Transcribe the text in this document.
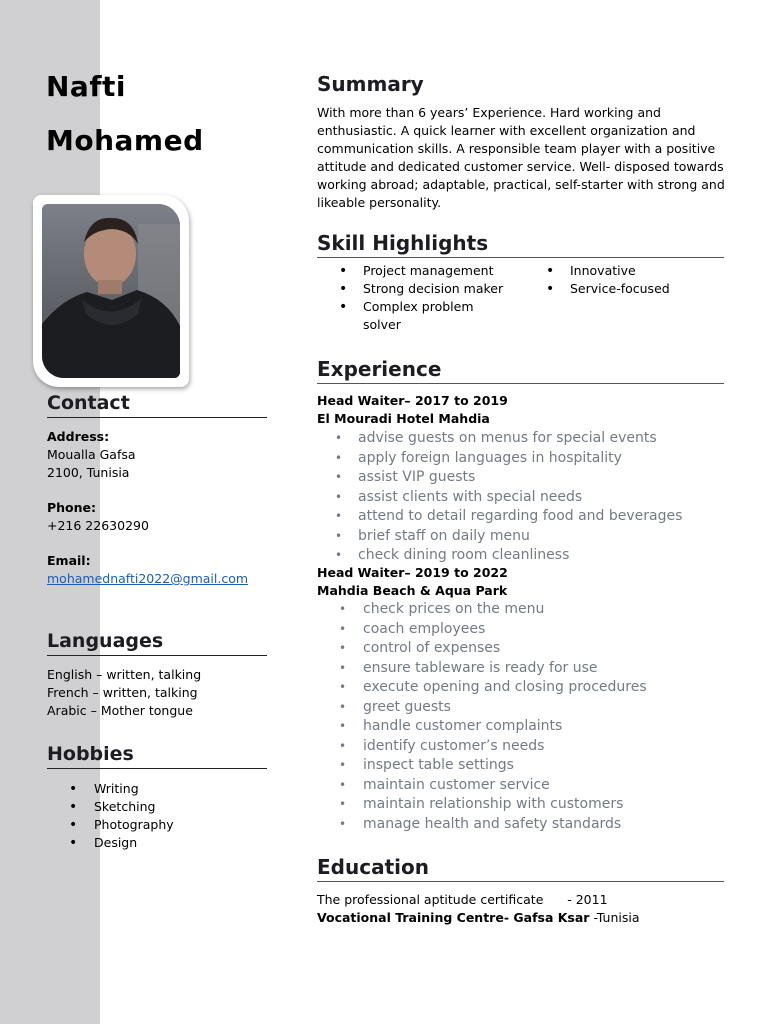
Nafti
Mohamed
Contact
Address:
Moualla Gafsa
2100, Tunisia
Phone:
+216 22630290
Email:
mohamednafti2022@gmail.com
Languages
English – written, talking
French – written, talking
Arabic – Mother tongue
Hobbies
• Writing
• Sketching
• Photography
• Design
Summary
With more than 6 years’ Experience. Hard working and enthusiastic. A quick learner with excellent organization and communication skills. A responsible team player with a positive attitude and dedicated customer service. Well- disposed towards working abroad; adaptable, practical, self-starter with strong and likeable personality.
Skill Highlights
• Project management
• Strong decision maker
• Complex problem solver
• Innovative
• Service-focused
Experience
Head Waiter– 2017 to 2019
El Mouradi Hotel Mahdia
• advise guests on menus for special events
• apply foreign languages in hospitality
• assist VIP guests
• assist clients with special needs
• attend to detail regarding food and beverages
• brief staff on daily menu
• check dining room cleanliness
Head Waiter– 2019 to 2022
Mahdia Beach & Aqua Park
• check prices on the menu
• coach employees
• control of expenses
• ensure tableware is ready for use
• execute opening and closing procedures
• greet guests
• handle customer complaints
• identify customer’s needs
• inspect table settings
• maintain customer service
• maintain relationship with customers
• manage health and safety standards
Education
The professional aptitude certificate      - 2011
Vocational Training Centre- Gafsa Ksar -Tunisia
